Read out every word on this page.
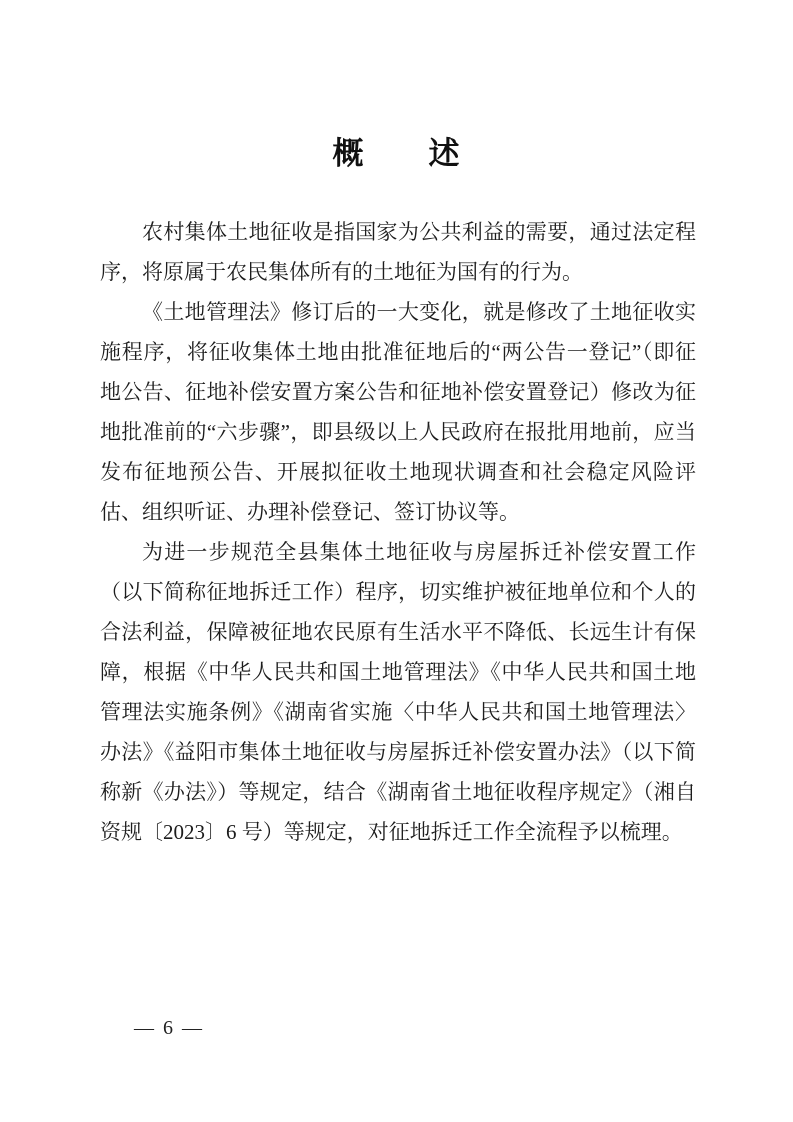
概　　述

农村集体土地征收是指国家为公共利益的需要，通过法定程序，将原属于农民集体所有的土地征为国有的行为。

《土地管理法》修订后的一大变化，就是修改了土地征收实施程序，将征收集体土地由批准征地后的“两公告一登记”（即征地公告、征地补偿安置方案公告和征地补偿安置登记）修改为征地批准前的“六步骤”，即县级以上人民政府在报批用地前，应当发布征地预公告、开展拟征收土地现状调查和社会稳定风险评估、组织听证、办理补偿登记、签订协议等。

为进一步规范全县集体土地征收与房屋拆迁补偿安置工作（以下简称征地拆迁工作）程序，切实维护被征地单位和个人的合法利益，保障被征地农民原有生活水平不降低、长远生计有保障，根据《中华人民共和国土地管理法》《中华人民共和国土地管理法实施条例》《湖南省实施〈中华人民共和国土地管理法〉办法》《益阳市集体土地征收与房屋拆迁补偿安置办法》（以下简称新《办法》）等规定，结合《湖南省土地征收程序规定》（湘自资规〔2023〕6 号）等规定，对征地拆迁工作全流程予以梳理。

— 6 —
